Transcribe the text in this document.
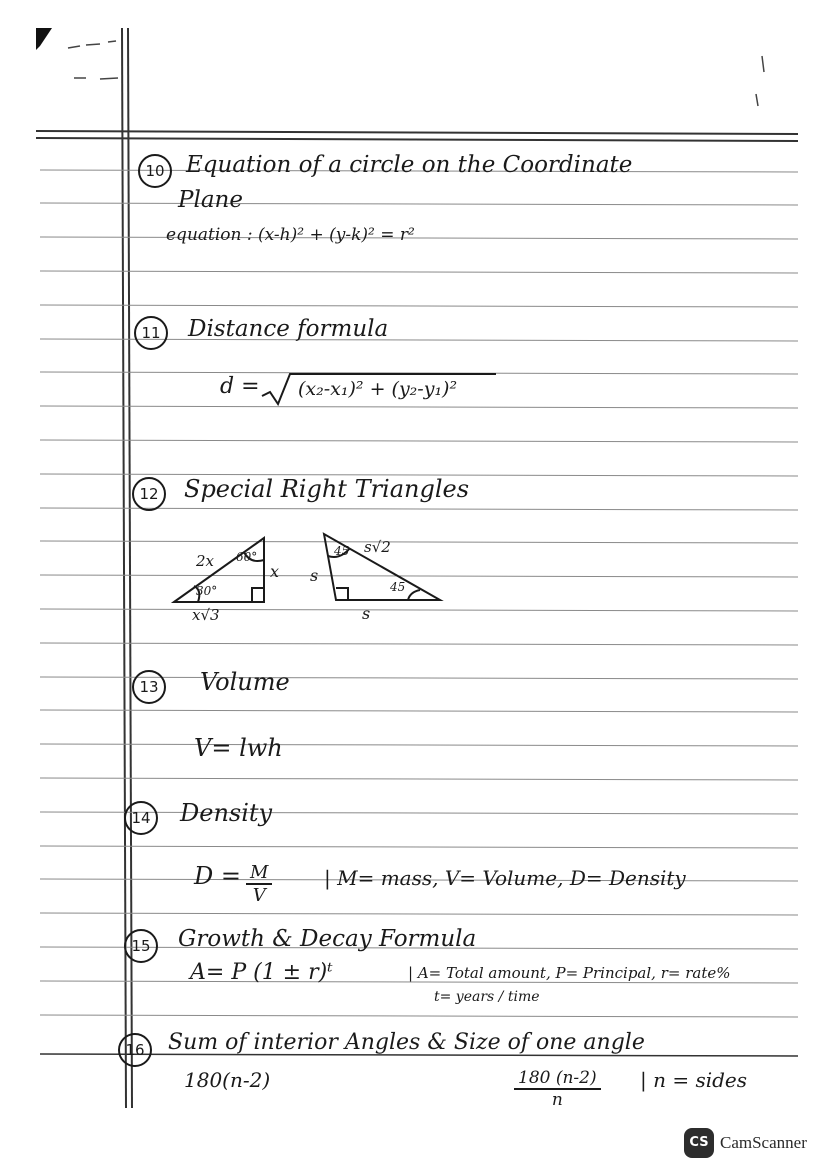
10 Equation of a circle on the Coordinate
Plane
equation : (x-h)² + (y-k)² = r²
11	Distance formula
d = (x₂-x₁)² + (y₂-y₁)²
12	Special Right Triangles
2x 60°
x
30°
x√3
45 s√2
s
45
s
13	Volume
V= lwh
14	Density
$D = \frac{M}{V}$	| M= mass, V= Volume, D= Density
15	Growth & Decay Formula
A= P (1 ± r)ᵗ	| A= Total amount, P= Principal, r= rate%
t= years / time
16	Sum of interior Angles & Size of one angle
180(n-2)	$\frac{180 (n-2)}{n}$ | n = sides
CS CamScanner
